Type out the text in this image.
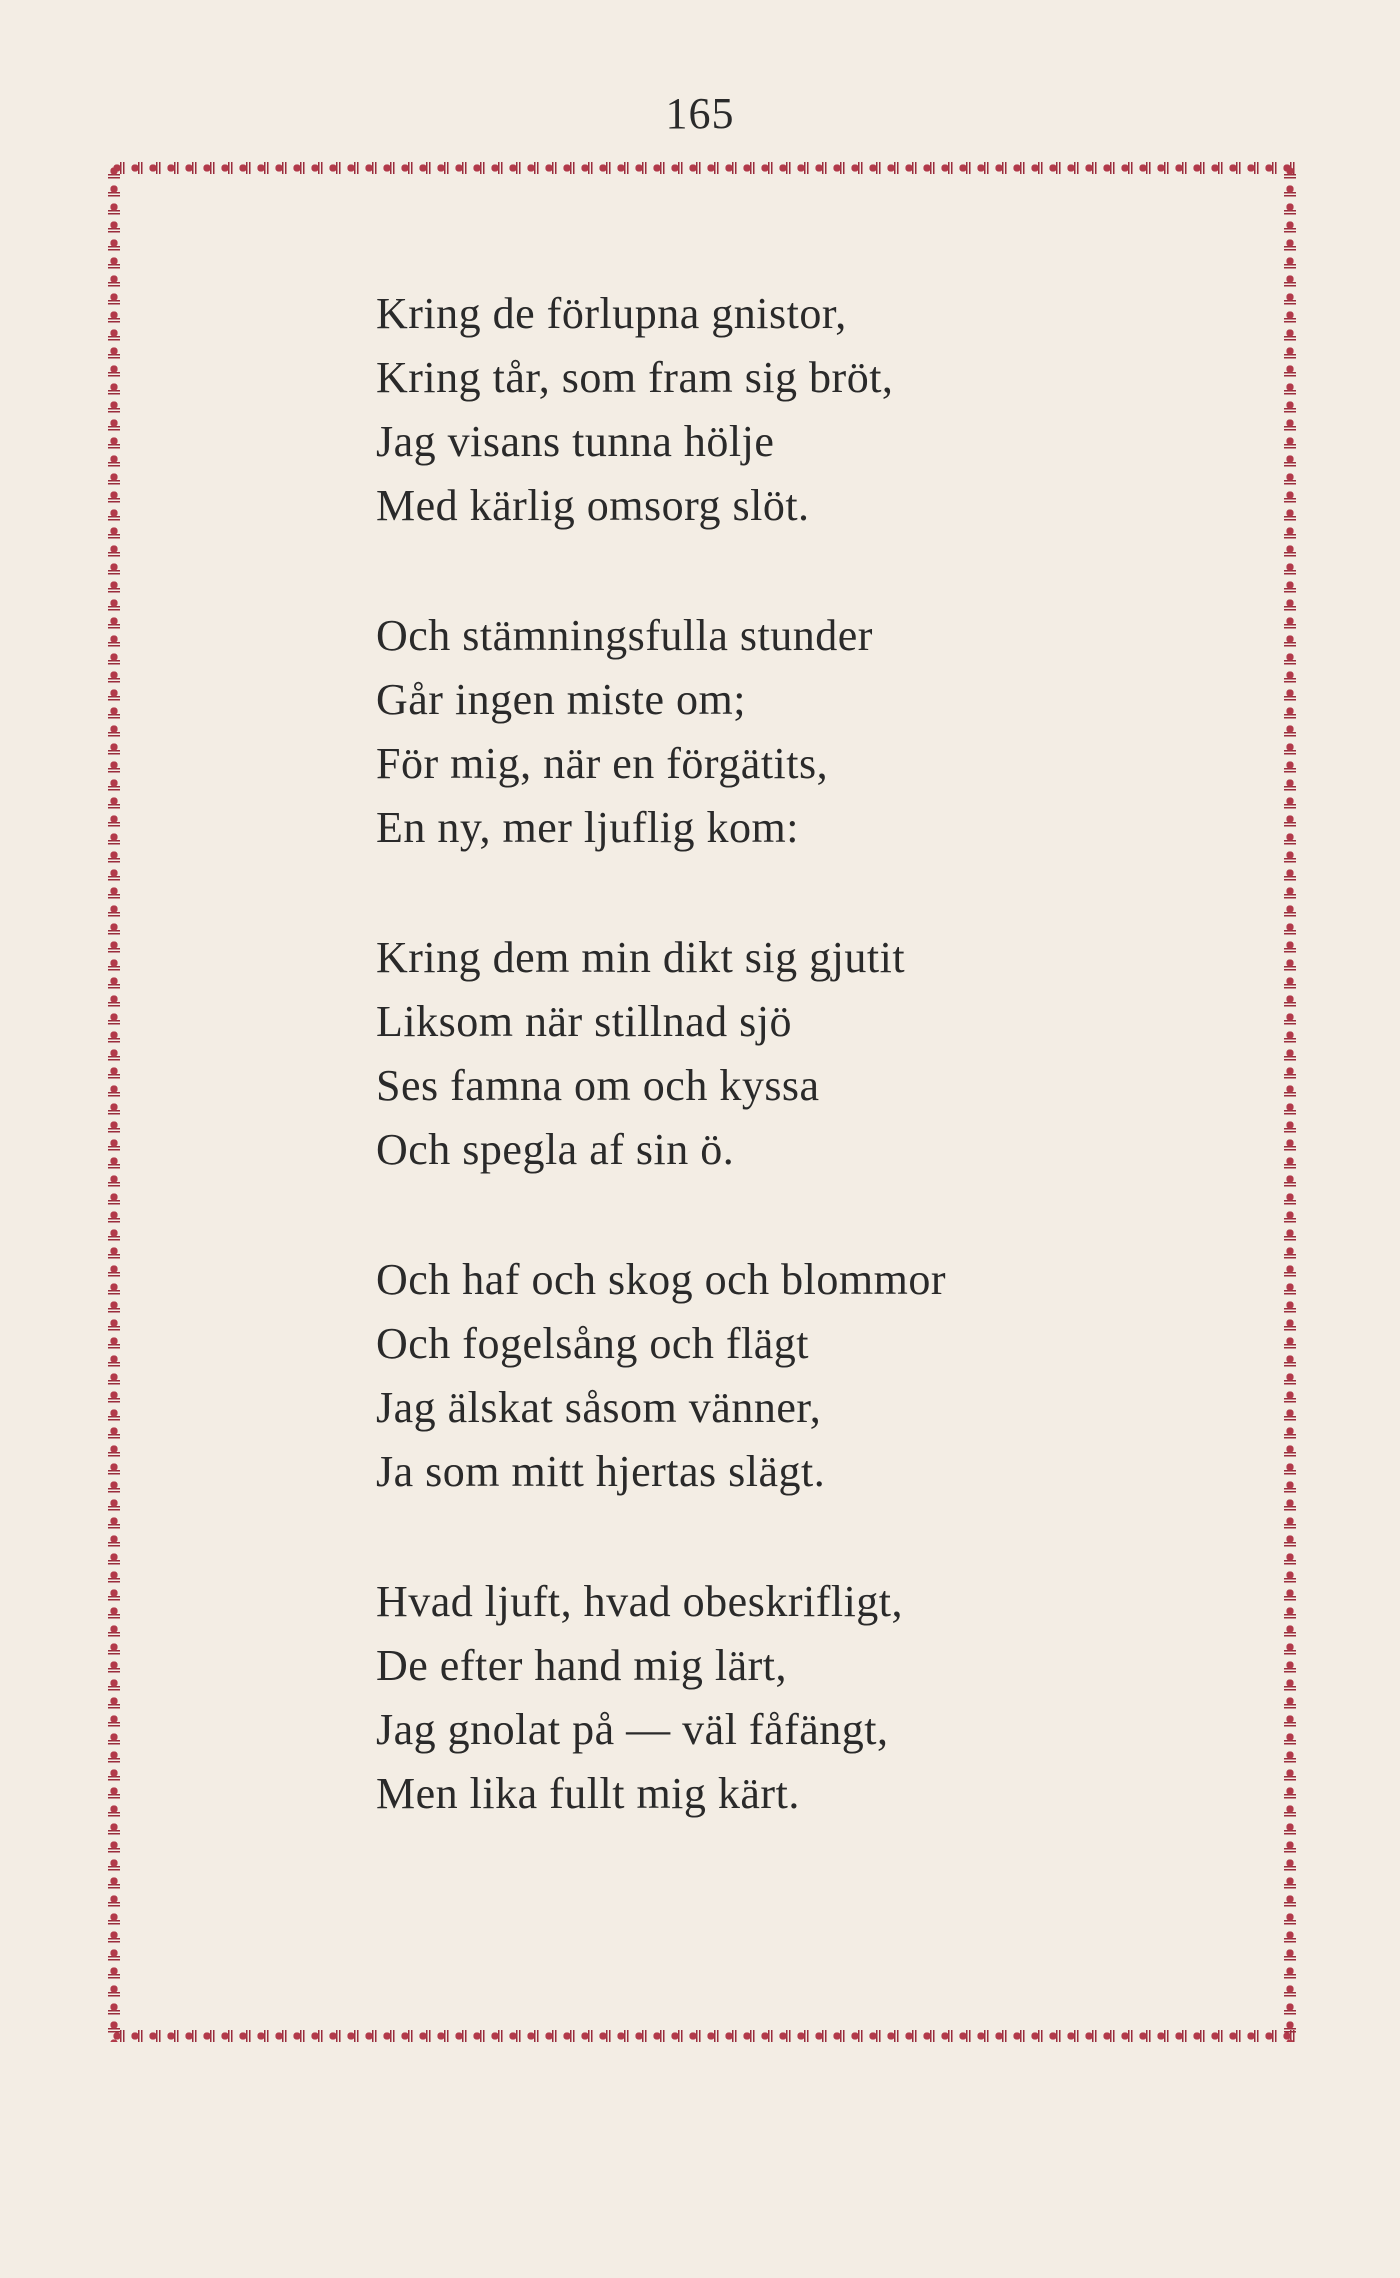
165
Kring de förlupna gnistor,
Kring tår, som fram sig bröt,
Jag visans tunna hölje
Med kärlig omsorg slöt.
Och stämningsfulla stunder
Går ingen miste om;
För mig, när en förgätits,
En ny, mer ljuflig kom:
Kring dem min dikt sig gjutit
Liksom när stillnad sjö
Ses famna om och kyssa
Och spegla af sin ö.
Och haf och skog och blommor
Och fogelsång och flägt
Jag älskat såsom vänner,
Ja som mitt hjertas slägt.
Hvad ljuft, hvad obeskrifligt,
De efter hand mig lärt,
Jag gnolat på — väl fåfängt,
Men lika fullt mig kärt.
